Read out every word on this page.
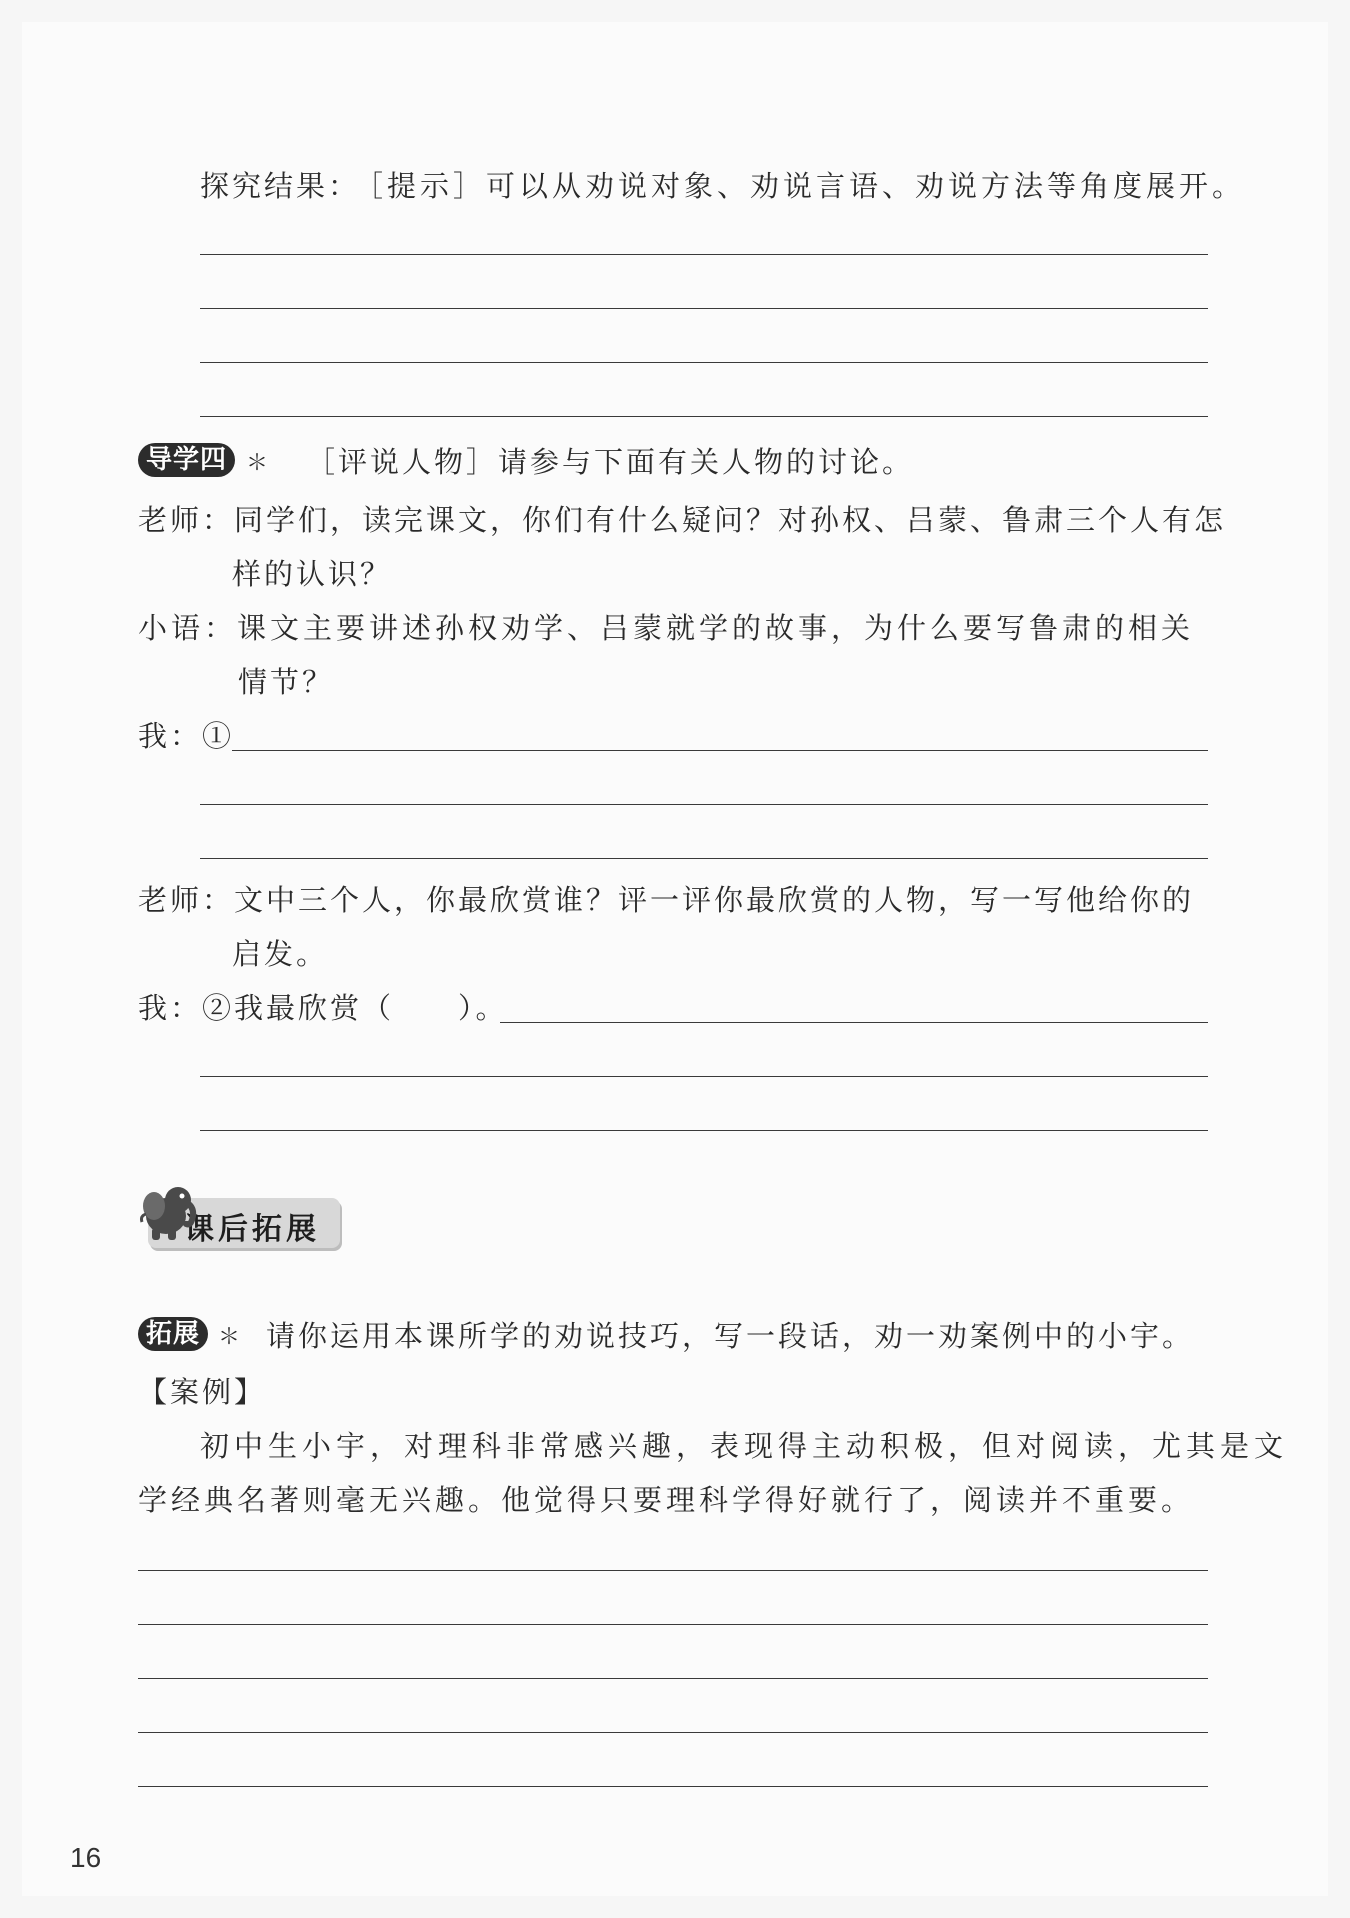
探究结果：
［提示］可以从劝说对象、劝说言语、劝说方法等角度展开。
导学四 ＊ ［评说人物］请参与下面有关人物的讨论。
老师：同学们，读完课文，你们有什么疑问？对孙权、吕蒙、鲁肃三个人有怎
样的认识？
小语：课文主要讲述孙权劝学、吕蒙就学的故事，为什么要写鲁肃的相关
情节？
我：①
老师：文中三个人，你最欣赏谁？评一评你最欣赏的人物，写一写他给你的
启发。
我：②我最欣赏（　　）。
课后拓展
拓展 ＊ 请你运用本课所学的劝说技巧，写一段话，劝一劝案例中的小宇。
【案例】
初中生小宇，对理科非常感兴趣，表现得主动积极，但对阅读，尤其是文
学经典名著则毫无兴趣。他觉得只要理科学得好就行了，阅读并不重要。
16
